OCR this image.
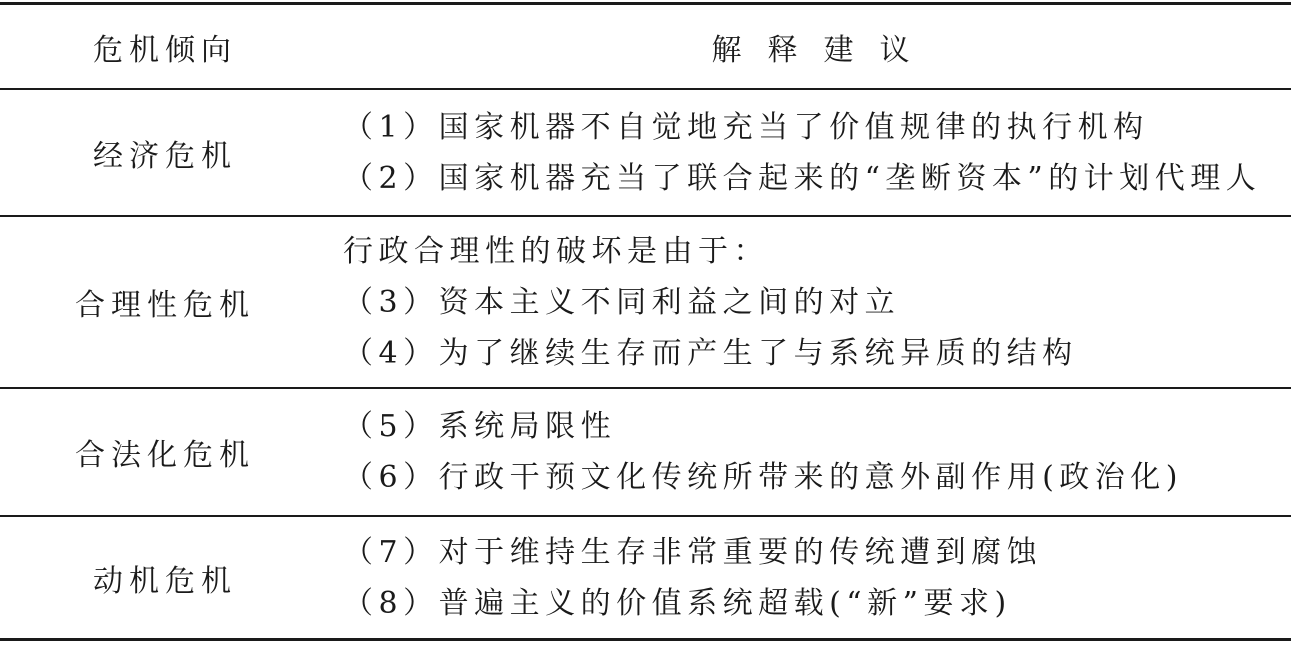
危机倾向	解释建议
经济危机
（1）国家机器不自觉地充当了价值规律的执行机构
（2）国家机器充当了联合起来的“垄断资本”的计划代理人
合理性危机
行政合理性的破坏是由于：
（3）资本主义不同利益之间的对立
（4）为了继续生存而产生了与系统异质的结构
合法化危机
（5）系统局限性
（6）行政干预文化传统所带来的意外副作用(政治化)
动机危机
（7）对于维持生存非常重要的传统遭到腐蚀
（8）普遍主义的价值系统超载(“新”要求)
